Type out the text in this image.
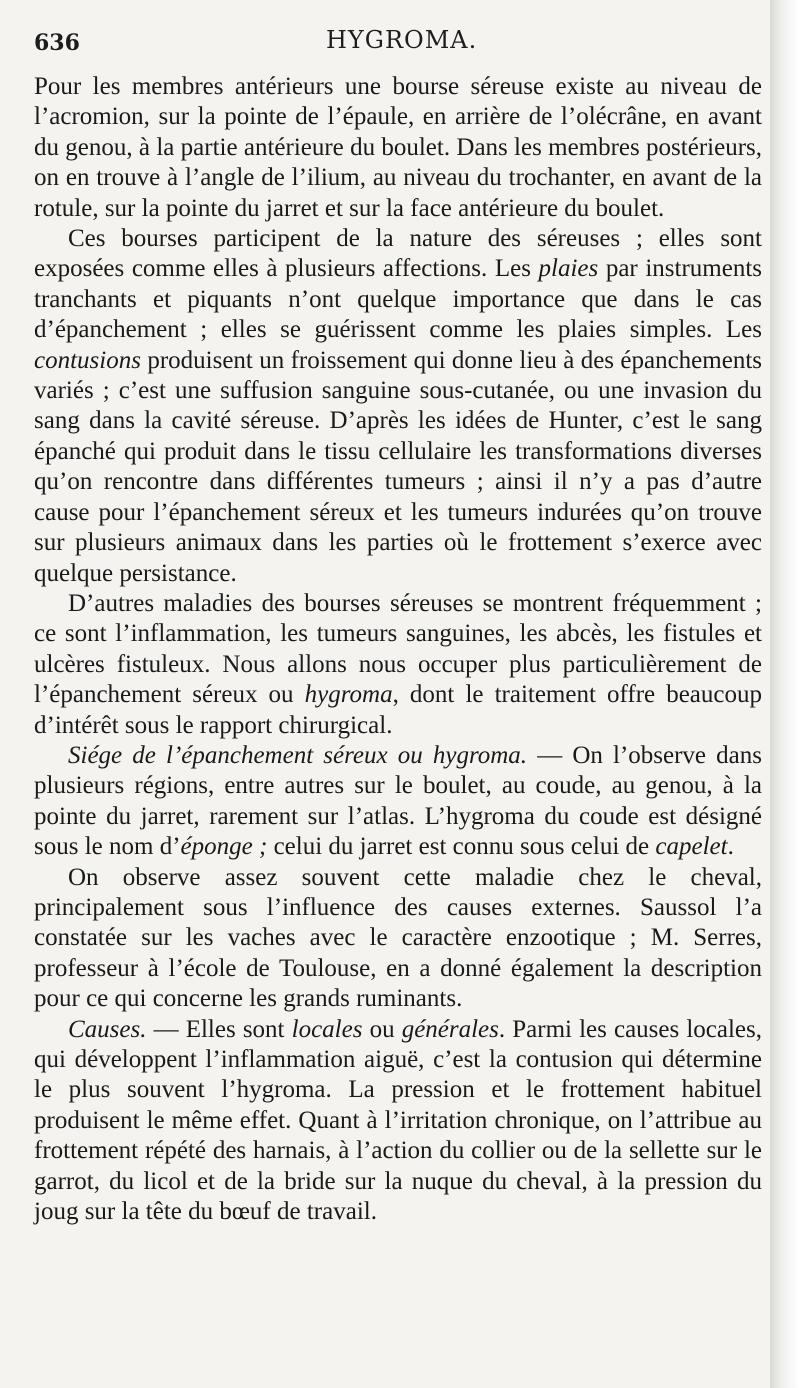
636	HYGROMA.

Pour les membres antérieurs une bourse séreuse existe au niveau de l’acromion, sur la pointe de l’épaule, en arrière de l’olécrâne, en avant du genou, à la partie antérieure du boulet. Dans les membres postérieurs, on en trouve à l’angle de l’ilium, au niveau du trochanter, en avant de la rotule, sur la pointe du jarret et sur la face antérieure du boulet.

Ces bourses participent de la nature des séreuses ; elles sont exposées comme elles à plusieurs affections. Les plaies par instruments tranchants et piquants n’ont quelque importance que dans le cas d’épanchement ; elles se guérissent comme les plaies simples. Les contusions produisent un froissement qui donne lieu à des épanchements variés ; c’est une suffusion sanguine sous-cutanée, ou une invasion du sang dans la cavité séreuse. D’après les idées de Hunter, c’est le sang épanché qui produit dans le tissu cellulaire les transformations diverses qu’on rencontre dans différentes tumeurs ; ainsi il n’y a pas d’autre cause pour l’épanchement séreux et les tumeurs indurées qu’on trouve sur plusieurs animaux dans les parties où le frottement s’exerce avec quelque persistance.

D’autres maladies des bourses séreuses se montrent fréquemment ; ce sont l’inflammation, les tumeurs sanguines, les abcès, les fistules et ulcères fistuleux. Nous allons nous occuper plus particulièrement de l’épanchement séreux ou hygroma, dont le traitement offre beaucoup d’intérêt sous le rapport chirurgical.

Siége de l’épanchement séreux ou hygroma. — On l’observe dans plusieurs régions, entre autres sur le boulet, au coude, au genou, à la pointe du jarret, rarement sur l’atlas. L’hygroma du coude est désigné sous le nom d’éponge ; celui du jarret est connu sous celui de capelet.

On observe assez souvent cette maladie chez le cheval, principalement sous l’influence des causes externes. Saussol l’a constatée sur les vaches avec le caractère enzootique ; M. Serres, professeur à l’école de Toulouse, en a donné également la description pour ce qui concerne les grands ruminants.

Causes. — Elles sont locales ou générales. Parmi les causes locales, qui développent l’inflammation aiguë, c’est la contusion qui détermine le plus souvent l’hygroma. La pression et le frottement habituel produisent le même effet. Quant à l’irritation chronique, on l’attribue au frottement répété des harnais, à l’action du collier ou de la sellette sur le garrot, du licol et de la bride sur la nuque du cheval, à la pression du joug sur la tête du bœuf de travail.
